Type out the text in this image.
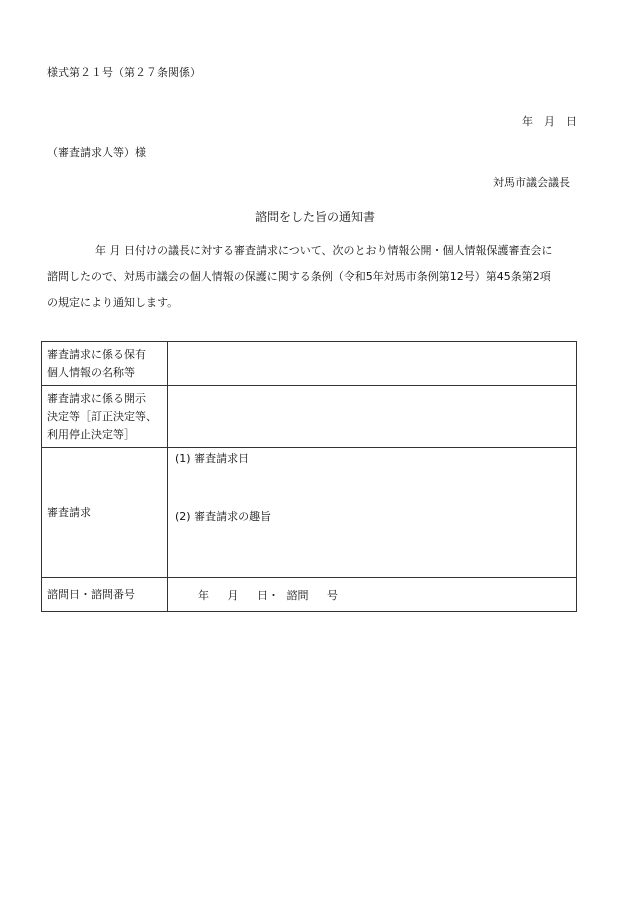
様式第２１号（第２７条関係）
年　月　日
（審査請求人等）様
対馬市議会議長
諮問をした旨の通知書
年 月 日付けの議長に対する審査請求について、次のとおり情報公開・個人情報保護審査会に
諮問したので、対馬市議会の個人情報の保護に関する条例（令和5年対馬市条例第12号）第45条第2項
の規定により通知します。
審査請求に係る保有
個人情報の名称等	

審査請求に係る開示
決定等［訂正決定等、
利用停止決定等］	

審査請求	(1) 審査請求日
(2) 審査請求の趣旨

諮問日・諮問番号	年　 月　 日・ 諮問　 号
